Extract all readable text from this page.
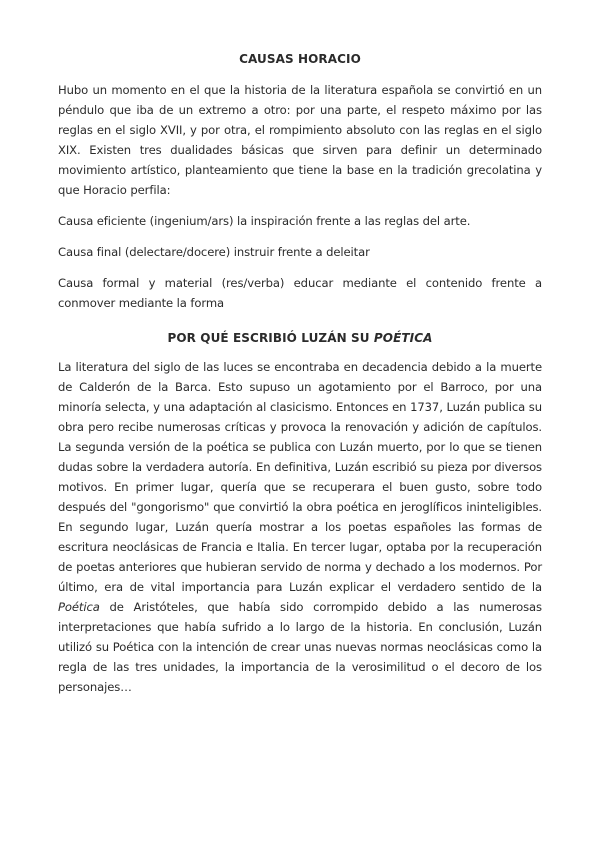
CAUSAS HORACIO

Hubo un momento en el que la historia de la literatura española se convirtió en un péndulo que iba de un extremo a otro: por una parte, el respeto máximo por las reglas en el siglo XVII, y por otra, el rompimiento absoluto con las reglas en el siglo XIX. Existen tres dualidades básicas que sirven para definir un determinado movimiento artístico, planteamiento que tiene la base en la tradición grecolatina y que Horacio perfila:

Causa eficiente (ingenium/ars) la inspiración frente a las reglas del arte.

Causa final (delectare/docere) instruir frente a deleitar

Causa formal y material (res/verba) educar mediante el contenido frente a conmover mediante la forma

POR QUÉ ESCRIBIÓ LUZÁN SU POÉTICA

La literatura del siglo de las luces se encontraba en decadencia debido a la muerte de Calderón de la Barca. Esto supuso un agotamiento por el Barroco, por una minoría selecta, y una adaptación al clasicismo. Entonces en 1737, Luzán publica su obra pero recibe numerosas críticas y provoca la renovación y adición de capítulos. La segunda versión de la poética se publica con Luzán muerto, por lo que se tienen dudas sobre la verdadera autoría. En definitiva, Luzán escribió su pieza por diversos motivos. En primer lugar, quería que se recuperara el buen gusto, sobre todo después del "gongorismo" que convirtió la obra poética en jeroglíficos ininteligibles. En segundo lugar, Luzán quería mostrar a los poetas españoles las formas de escritura neoclásicas de Francia e Italia. En tercer lugar, optaba por la recuperación de poetas anteriores que hubieran servido de norma y dechado a los modernos. Por último, era de vital importancia para Luzán explicar el verdadero sentido de la Poética de Aristóteles, que había sido corrompido debido a las numerosas interpretaciones que había sufrido a lo largo de la historia. En conclusión, Luzán utilizó su Poética con la intención de crear unas nuevas normas neoclásicas como la regla de las tres unidades, la importancia de la verosimilitud o el decoro de los personajes…
